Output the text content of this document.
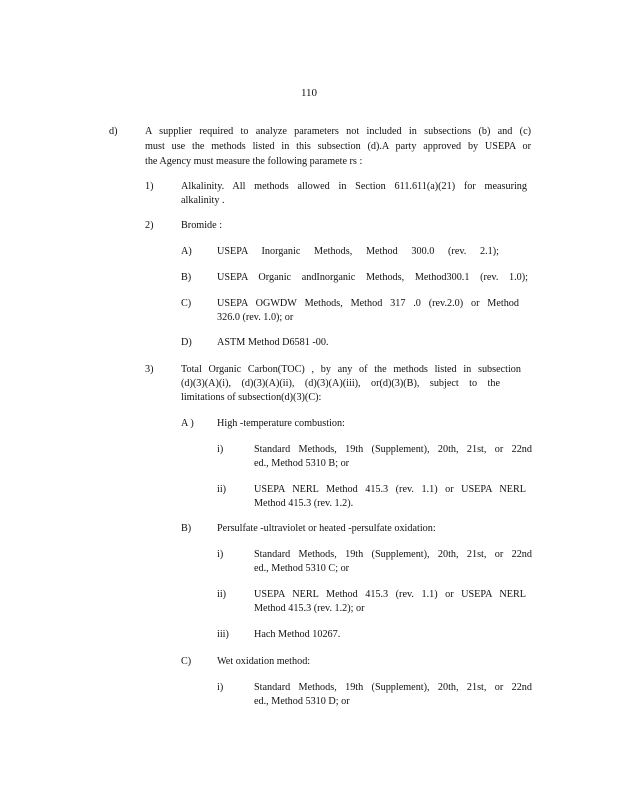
110
d)	A supplier required to analyze parameters not included in subsections (b) and (c)
must use the methods listed in this subsection (d).A party approved by USEPA or
the Agency must measure the following paramete rs :
1)	Alkalinity. All methods allowed in Section 611.611(a)(21) for measuring
alkalinity .
2)	Bromide :
A) USEPA Inorganic Methods, Method 300.0 (rev. 2.1);
B)	USEPA Organic andInorganic Methods, Method300.1 (rev. 1.0);
C)	USEPA OGWDW Methods, Method 317 .0 (rev.2.0) or Method
326.0 (rev. 1.0); or
D) ASTM Method D6581 -00.
3)	Total Organic Carbon(TOC) , by any of the methods listed in subsection
(d)(3)(A)(i), (d)(3)(A)(ii), (d)(3)(A)(iii), or(d)(3)(B), subject to the
limitations of subsection(d)(3)(C):
A ) High -temperature combustion:
i)	Standard Methods, 19th (Supplement), 20th, 21st, or 22nd
ed., Method 5310 B; or
ii)	USEPA NERL Method 415.3 (rev. 1.1) or USEPA NERL
Method 415.3 (rev. 1.2).
B)	Persulfate -ultraviolet or heated -persulfate oxidation:
i)	Standard Methods, 19th (Supplement), 20th, 21st, or 22nd
ed., Method 5310 C; or
ii)	USEPA NERL Method 415.3 (rev. 1.1) or USEPA NERL
Method 415.3 (rev. 1.2); or
iii) Hach Method 10267.
C)	Wet oxidation method:
i)	Standard Methods, 19th (Supplement), 20th, 21st, or 22nd
ed., Method 5310 D; or
